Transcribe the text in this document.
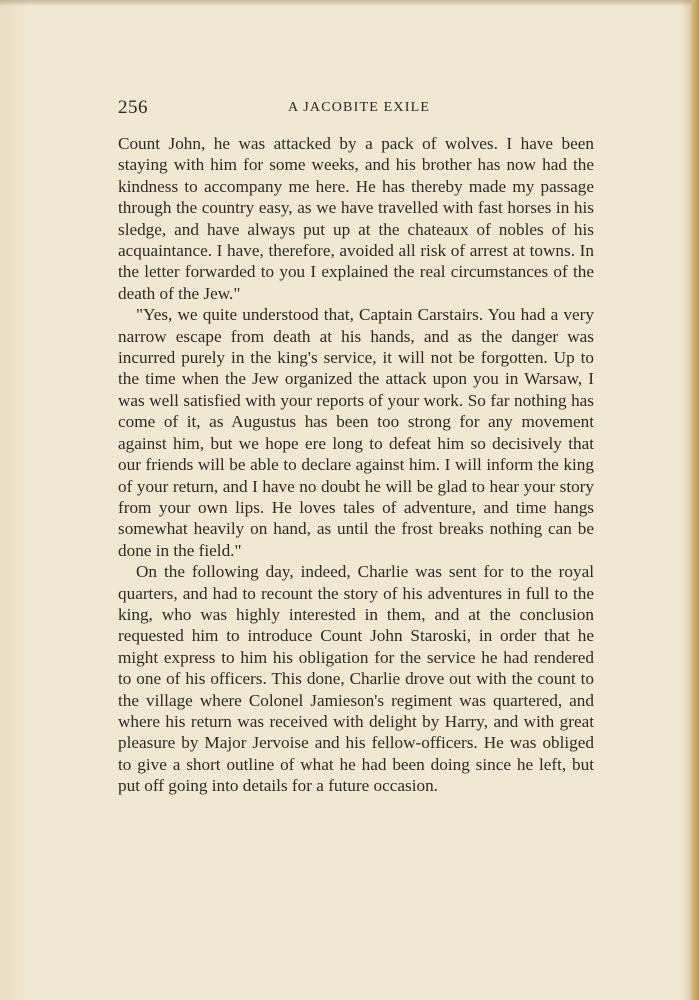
256	A JACOBITE EXILE

Count John, he was attacked by a pack of wolves. I have been staying with him for some weeks, and his brother has now had the kindness to accompany me here. He has thereby made my passage through the country easy, as we have travelled with fast horses in his sledge, and have always put up at the chateaux of nobles of his acquaintance. I have, therefore, avoided all risk of arrest at towns. In the letter forwarded to you I explained the real circumstances of the death of the Jew."

"Yes, we quite understood that, Captain Carstairs. You had a very narrow escape from death at his hands, and as the danger was incurred purely in the king's service, it will not be forgotten. Up to the time when the Jew organized the attack upon you in Warsaw, I was well satisfied with your reports of your work. So far nothing has come of it, as Augustus has been too strong for any movement against him, but we hope ere long to defeat him so decisively that our friends will be able to declare against him. I will inform the king of your return, and I have no doubt he will be glad to hear your story from your own lips. He loves tales of adventure, and time hangs somewhat heavily on hand, as until the frost breaks nothing can be done in the field."

On the following day, indeed, Charlie was sent for to the royal quarters, and had to recount the story of his adventures in full to the king, who was highly interested in them, and at the conclusion requested him to introduce Count John Staroski, in order that he might express to him his obligation for the service he had rendered to one of his officers. This done, Charlie drove out with the count to the village where Colonel Jamieson's regiment was quartered, and where his return was received with delight by Harry, and with great pleasure by Major Jervoise and his fellow-officers. He was obliged to give a short outline of what he had been doing since he left, but put off going into details for a future occasion.
